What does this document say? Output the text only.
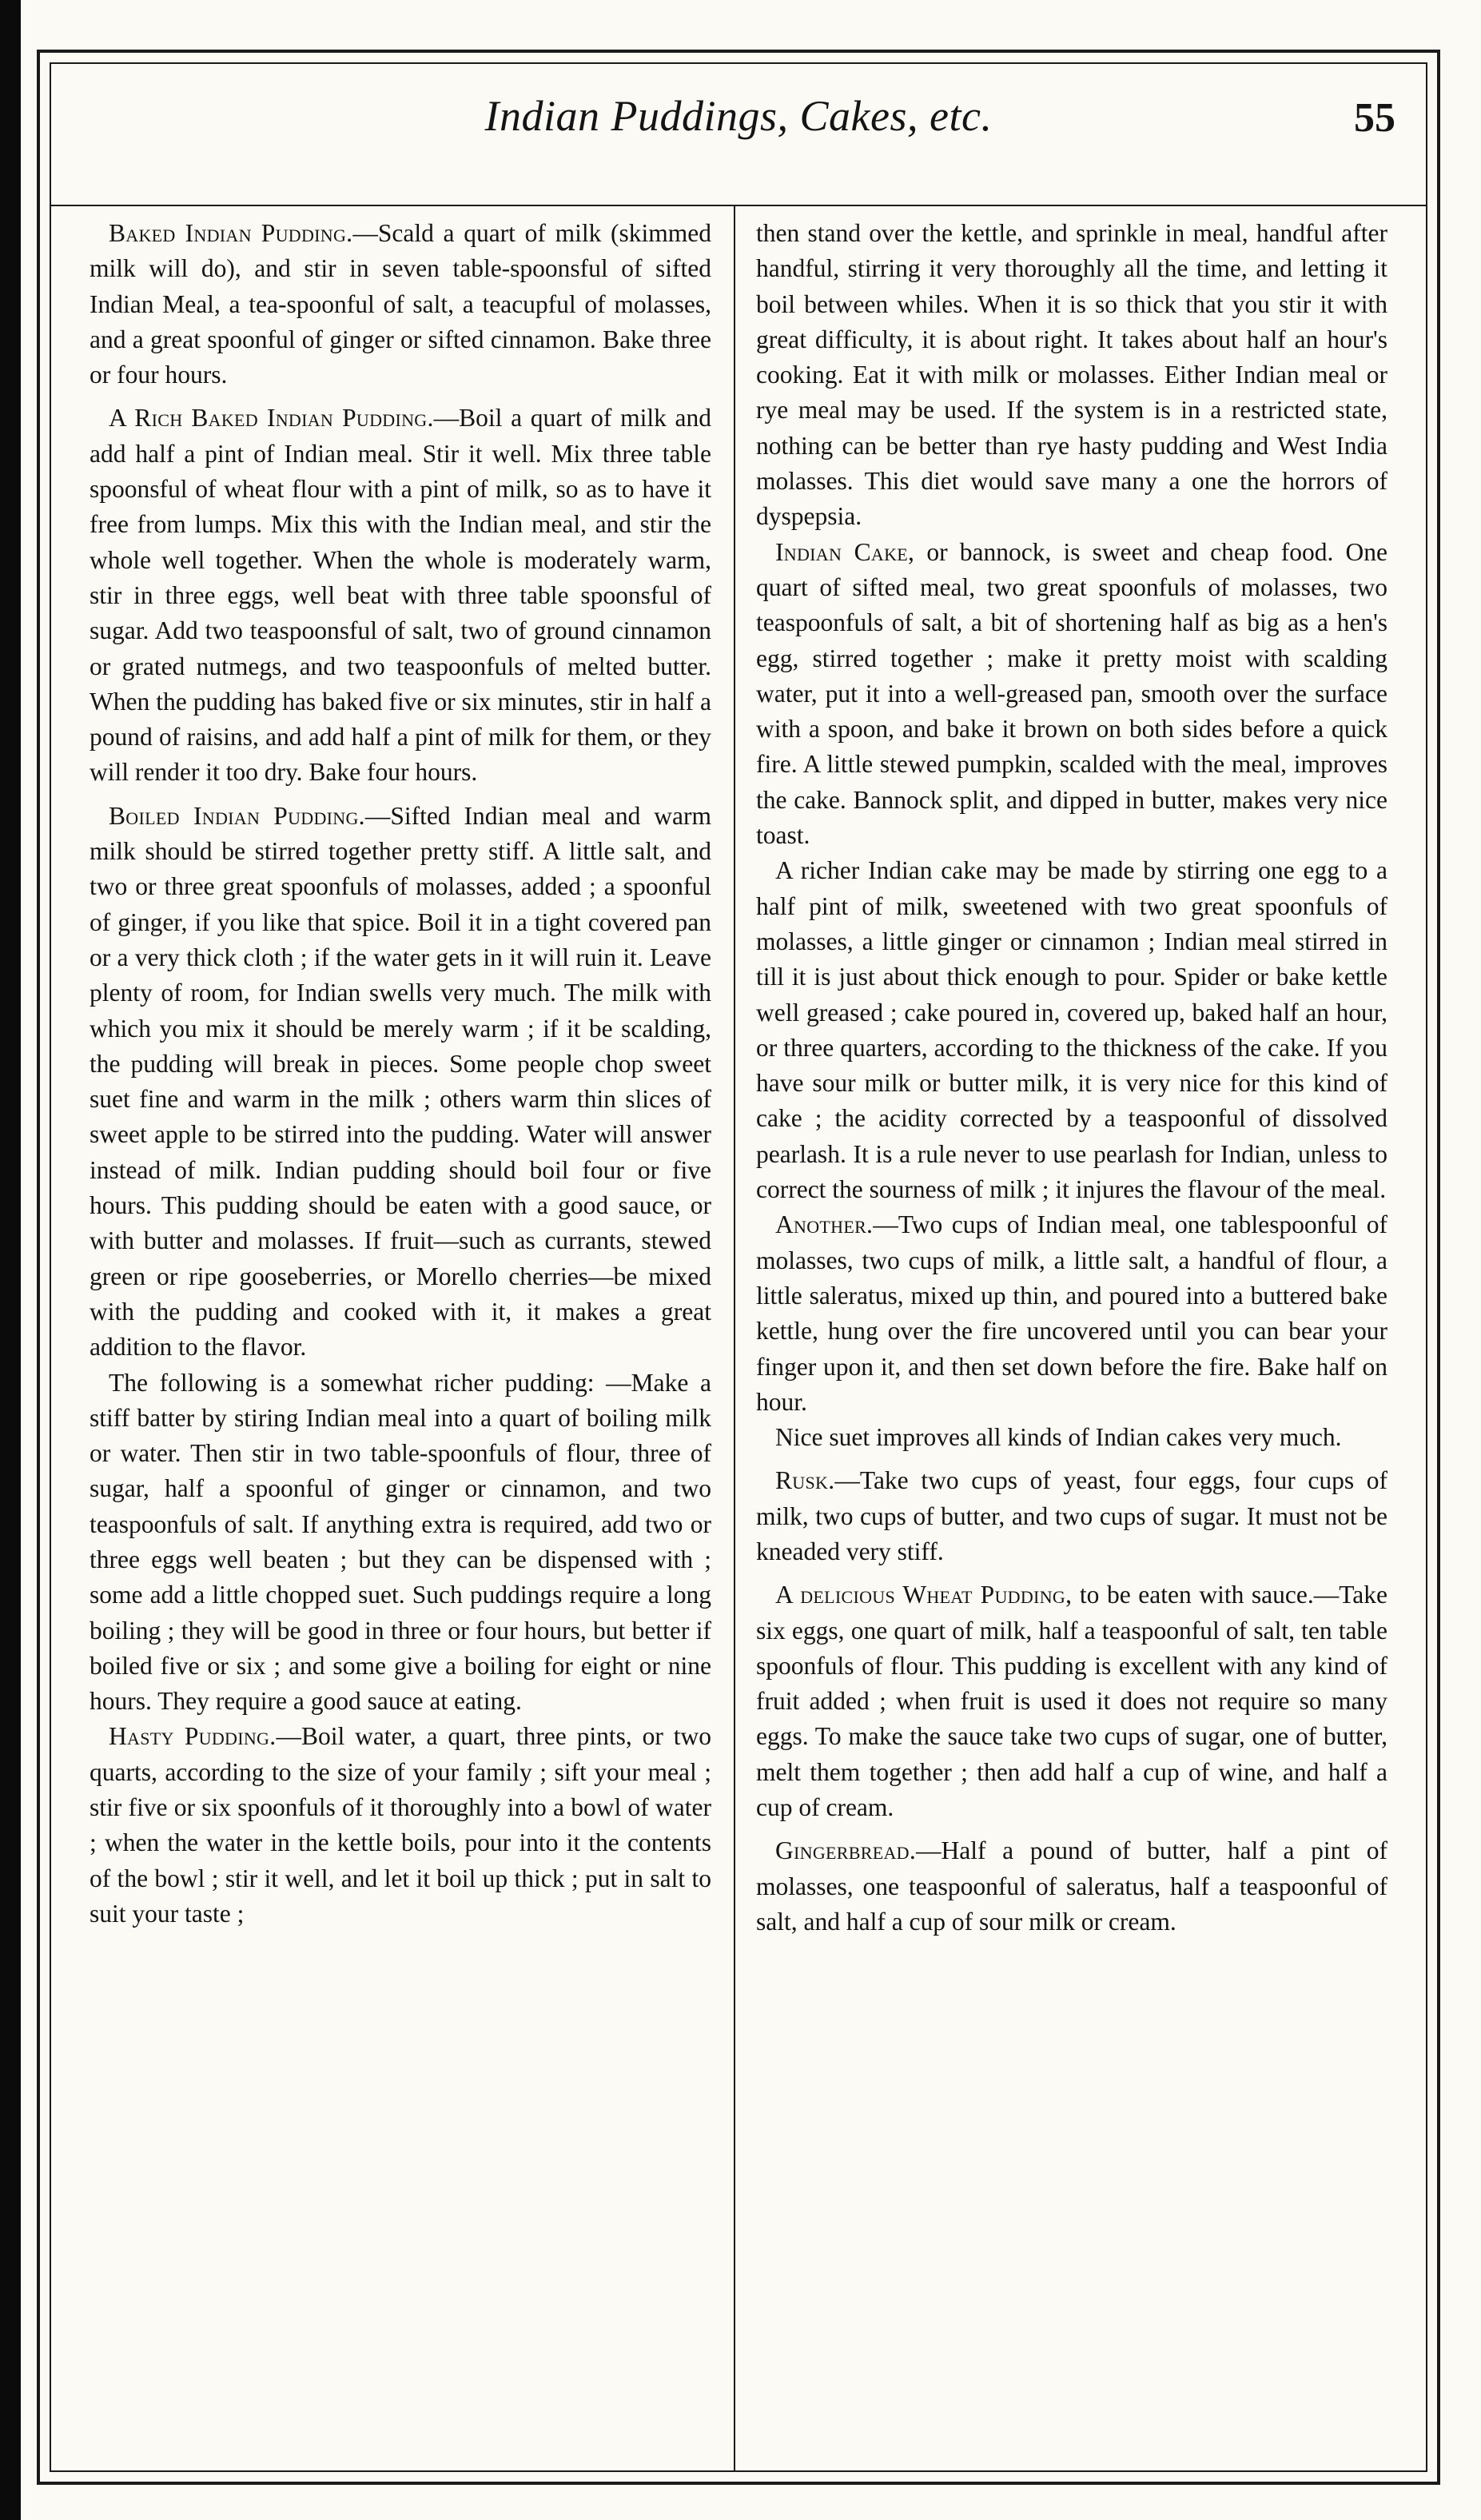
Indian Puddings, Cakes, etc.	55

Baked Indian Pudding.—Scald a quart of milk (skimmed milk will do), and stir in seven table-spoonsful of sifted Indian Meal, a tea-spoonful of salt, a teacupful of molasses, and a great spoonful of ginger or sifted cinnamon. Bake three or four hours.

A Rich Baked Indian Pudding.—Boil a quart of milk and add half a pint of Indian meal. Stir it well. Mix three table spoonsful of wheat flour with a pint of milk, so as to have it free from lumps. Mix this with the Indian meal, and stir the whole well together. When the whole is moderately warm, stir in three eggs, well beat with three table spoonsful of sugar. Add two teaspoonsful of salt, two of ground cinnamon or grated nutmegs, and two teaspoonfuls of melted butter. When the pudding has baked five or six minutes, stir in half a pound of raisins, and add half a pint of milk for them, or they will render it too dry. Bake four hours.

Boiled Indian Pudding.—Sifted Indian meal and warm milk should be stirred together pretty stiff. A little salt, and two or three great spoonfuls of molasses, added ; a spoonful of ginger, if you like that spice. Boil it in a tight covered pan or a very thick cloth ; if the water gets in it will ruin it. Leave plenty of room, for Indian swells very much. The milk with which you mix it should be merely warm ; if it be scalding, the pudding will break in pieces. Some people chop sweet suet fine and warm in the milk ; others warm thin slices of sweet apple to be stirred into the pudding. Water will answer instead of milk. Indian pudding should boil four or five hours. This pudding should be eaten with a good sauce, or with butter and molasses. If fruit—such as currants, stewed green or ripe gooseberries, or Morello cherries—be mixed with the pudding and cooked with it, it makes a great addition to the flavor.

The following is a somewhat richer pudding: —Make a stiff batter by stiring Indian meal into a quart of boiling milk or water. Then stir in two table-spoonfuls of flour, three of sugar, half a spoonful of ginger or cinnamon, and two teaspoonfuls of salt. If anything extra is required, add two or three eggs well beaten ; but they can be dispensed with ; some add a little chopped suet. Such puddings require a long boiling ; they will be good in three or four hours, but better if boiled five or six ; and some give a boiling for eight or nine hours. They require a good sauce at eating.

Hasty Pudding.—Boil water, a quart, three pints, or two quarts, according to the size of your family ; sift your meal ; stir five or six spoonfuls of it thoroughly into a bowl of water ; when the water in the kettle boils, pour into it the contents of the bowl ; stir it well, and let it boil up thick ; put in salt to suit your taste ;

then stand over the kettle, and sprinkle in meal, handful after handful, stirring it very thoroughly all the time, and letting it boil between whiles. When it is so thick that you stir it with great difficulty, it is about right. It takes about half an hour's cooking. Eat it with milk or molasses. Either Indian meal or rye meal may be used. If the system is in a restricted state, nothing can be better than rye hasty pudding and West India molasses. This diet would save many a one the horrors of dyspepsia.

Indian Cake, or bannock, is sweet and cheap food. One quart of sifted meal, two great spoonfuls of molasses, two teaspoonfuls of salt, a bit of shortening half as big as a hen's egg, stirred together ; make it pretty moist with scalding water, put it into a well-greased pan, smooth over the surface with a spoon, and bake it brown on both sides before a quick fire. A little stewed pumpkin, scalded with the meal, improves the cake. Bannock split, and dipped in butter, makes very nice toast.

A richer Indian cake may be made by stirring one egg to a half pint of milk, sweetened with two great spoonfuls of molasses, a little ginger or cinnamon ; Indian meal stirred in till it is just about thick enough to pour. Spider or bake kettle well greased ; cake poured in, covered up, baked half an hour, or three quarters, according to the thickness of the cake. If you have sour milk or butter milk, it is very nice for this kind of cake ; the acidity corrected by a teaspoonful of dissolved pearlash. It is a rule never to use pearlash for Indian, unless to correct the sourness of milk ; it injures the flavour of the meal.

Another.—Two cups of Indian meal, one tablespoonful of molasses, two cups of milk, a little salt, a handful of flour, a little saleratus, mixed up thin, and poured into a buttered bake kettle, hung over the fire uncovered until you can bear your finger upon it, and then set down before the fire. Bake half on hour.

Nice suet improves all kinds of Indian cakes very much.

Rusk.—Take two cups of yeast, four eggs, four cups of milk, two cups of butter, and two cups of sugar. It must not be kneaded very stiff.

A delicious Wheat Pudding, to be eaten with sauce.—Take six eggs, one quart of milk, half a teaspoonful of salt, ten table spoonfuls of flour. This pudding is excellent with any kind of fruit added ; when fruit is used it does not require so many eggs. To make the sauce take two cups of sugar, one of butter, melt them together ; then add half a cup of wine, and half a cup of cream.

Gingerbread.—Half a pound of butter, half a pint of molasses, one teaspoonful of saleratus, half a teaspoonful of salt, and half a cup of sour milk or cream.
